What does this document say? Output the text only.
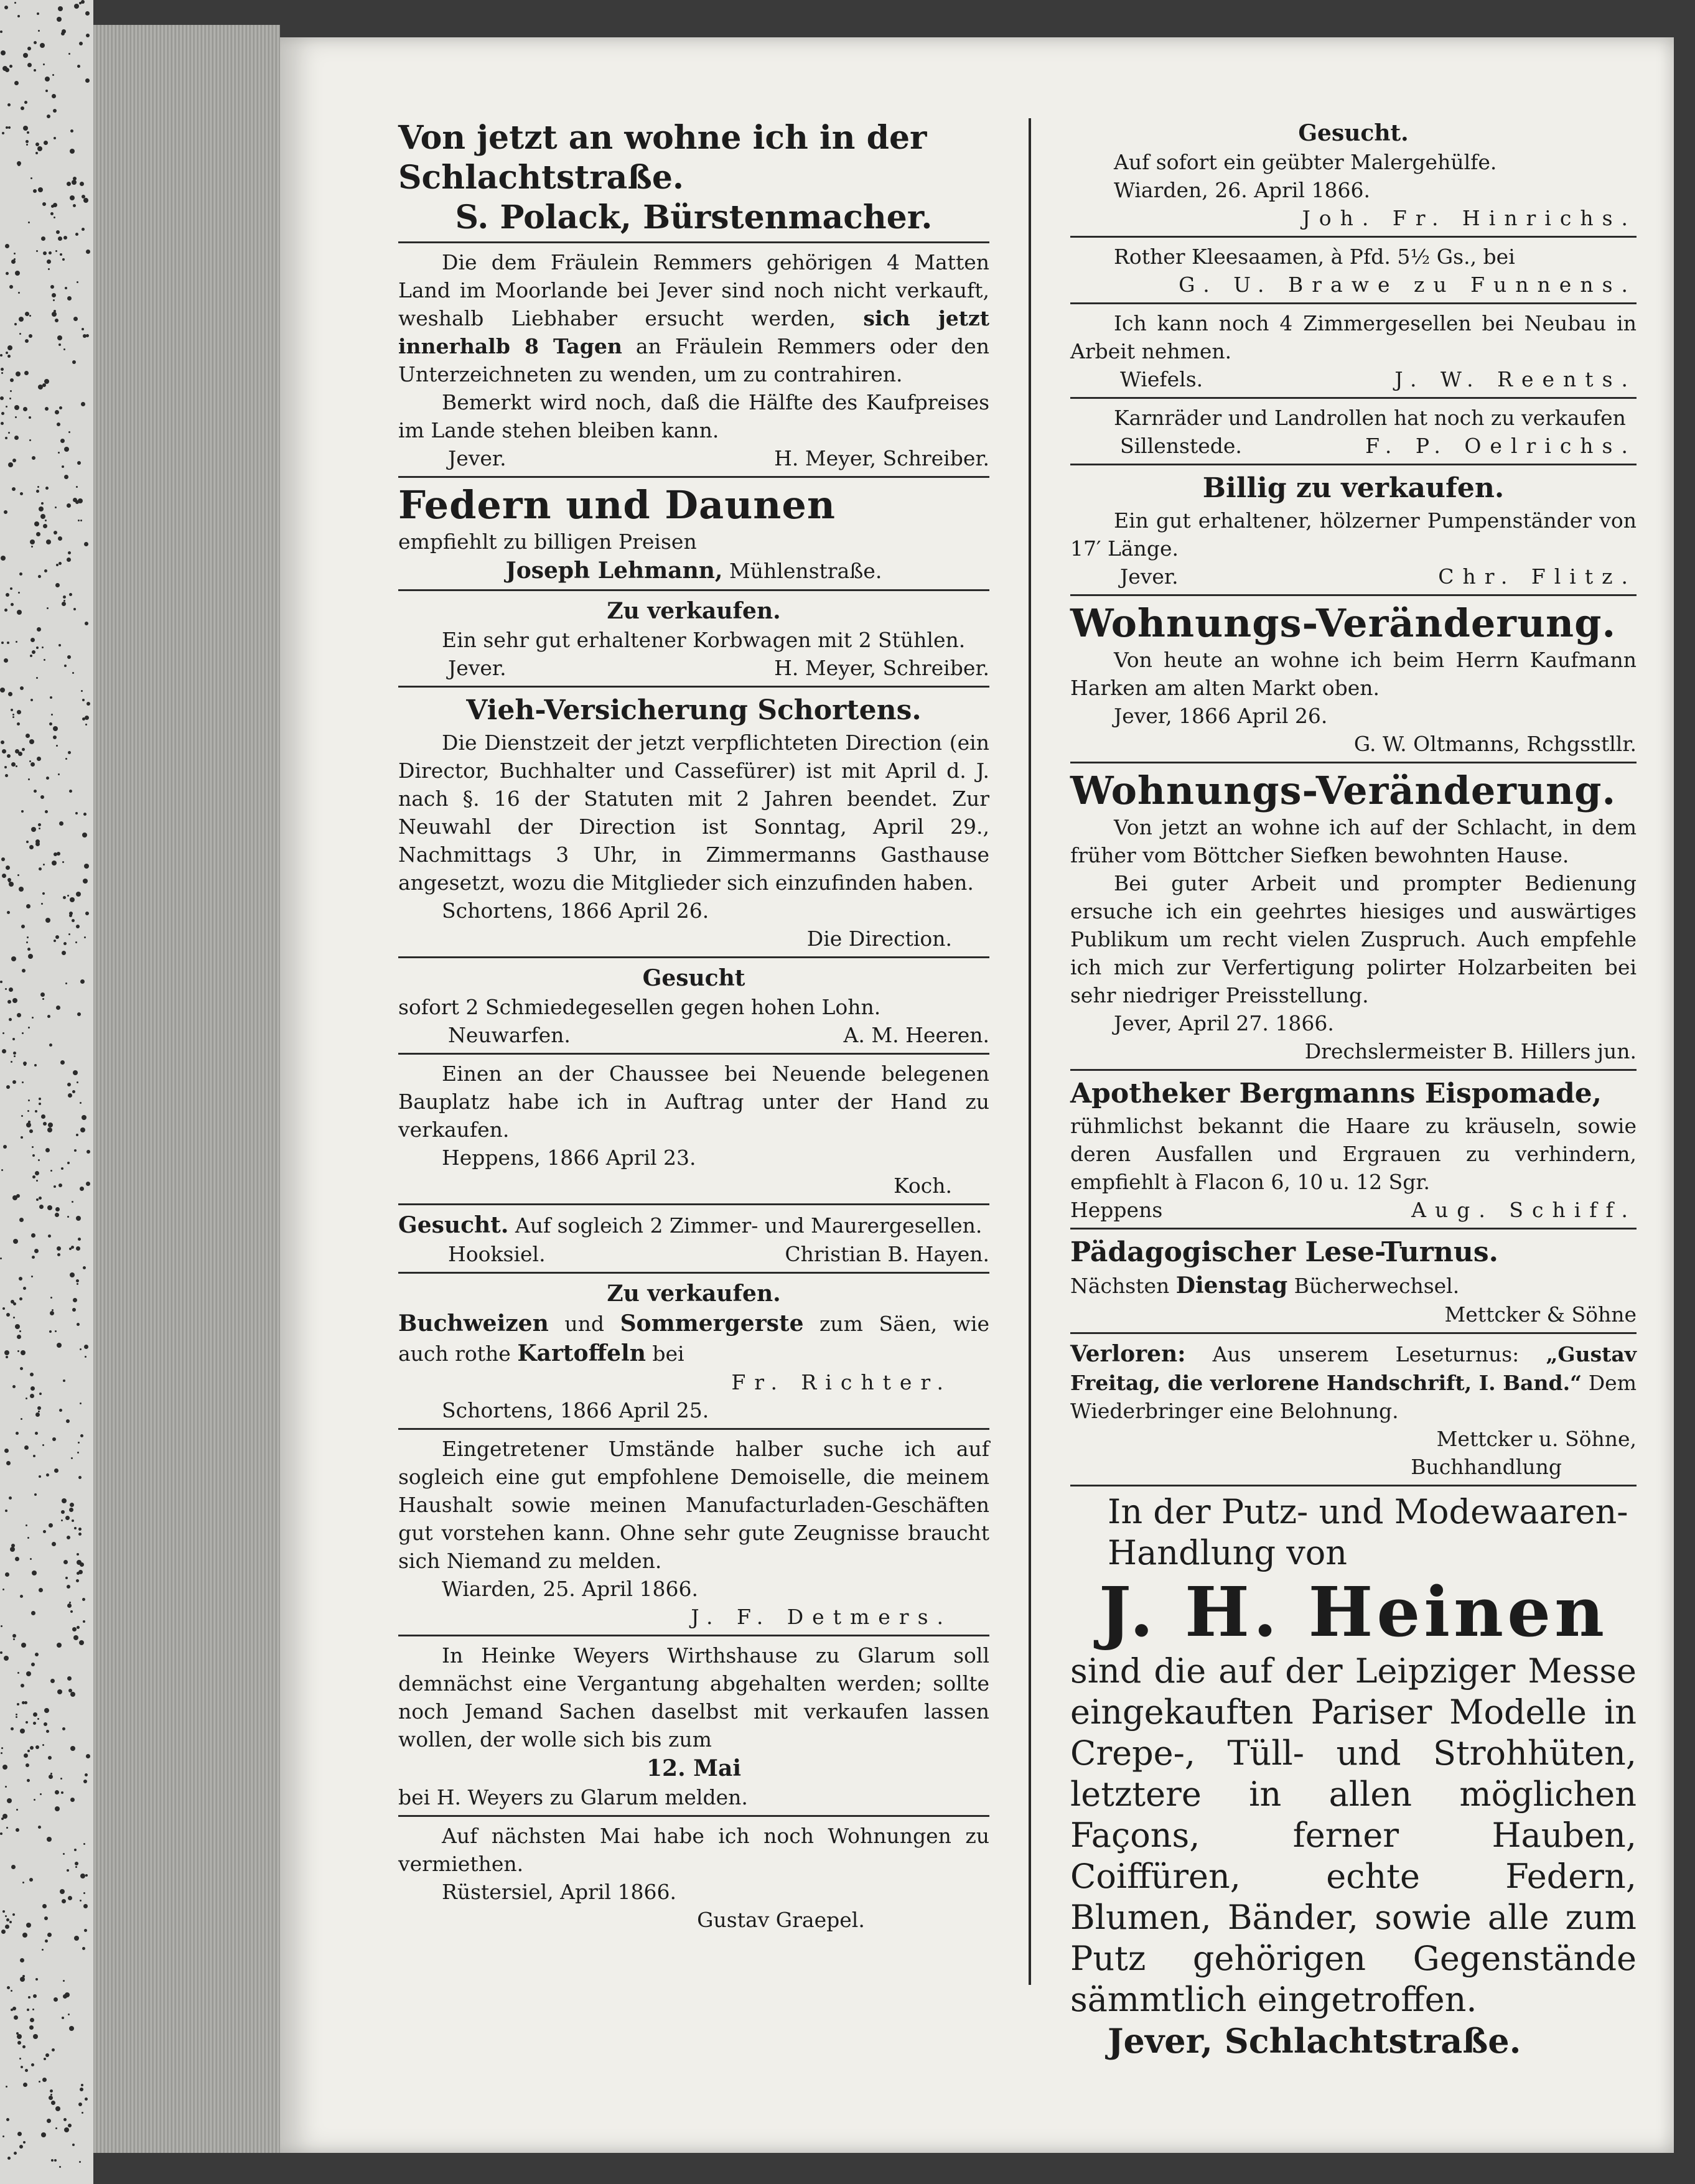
Von jetzt an wohne ich in der

Schlachtstraße.

S. Polack, Bürstenmacher.

Die dem Fräulein Remmers gehörigen 4 Matten Land im Moorlande bei Jever sind noch nicht verkauft, weshalb Liebhaber ersucht werden, sich jetzt innerhalb 8 Tagen an Fräulein Remmers oder den Unterzeichneten zu wenden, um zu contrahiren.

Bemerkt wird noch, daß die Hälfte des Kaufpreises im Lande stehen bleiben kann.

Jever.	H. Meyer, Schreiber.

Federn und Daunen

empfiehlt zu billigen Preisen

Joseph Lehmann, Mühlenstraße.

Zu verkaufen.

Ein sehr gut erhaltener Korbwagen mit 2 Stühlen.

Jever.	H. Meyer, Schreiber.

Vieh-Versicherung Schortens.

Die Dienstzeit der jetzt verpflichteten Direction (ein Director, Buchhalter und Cassefürer) ist mit April d. J. nach §. 16 der Statuten mit 2 Jahren beendet. Zur Neuwahl der Direction ist Sonntag, April 29., Nachmittags 3 Uhr, in Zimmermanns Gasthause angesetzt, wozu die Mitglieder sich einzufinden haben.

Schortens, 1866 April 26.

Die Direction.

Gesucht

sofort 2 Schmiedegesellen gegen hohen Lohn.

Neuwarfen.	A. M. Heeren.

Einen an der Chaussee bei Neuende belegenen Bauplatz habe ich in Auftrag unter der Hand zu verkaufen.

Heppens, 1866 April 23.

Koch.

Gesucht. Auf sogleich 2 Zimmer- und Maurergesellen.

Hooksiel.	Christian B. Hayen.

Zu verkaufen.

Buchweizen und Sommergerste zum Säen, wie auch rothe Kartoffeln bei

Fr. Richter.

Schortens, 1866 April 25.

Eingetretener Umstände halber suche ich auf sogleich eine gut empfohlene Demoiselle, die meinem Haushalt sowie meinen Manufacturladen-Geschäften gut vorstehen kann. Ohne sehr gute Zeugnisse braucht sich Niemand zu melden.

Wiarden, 25. April 1866.

J. F. Detmers.

In Heinke Weyers Wirthshause zu Glarum soll demnächst eine Vergantung abgehalten werden; sollte noch Jemand Sachen daselbst mit verkaufen lassen wollen, der wolle sich bis zum

12. Mai

bei H. Weyers zu Glarum melden.

Auf nächsten Mai habe ich noch Wohnungen zu vermiethen.

Rüstersiel, April 1866.

Gustav Graepel.

Gesucht.

Auf sofort ein geübter Malergehülfe.

Wiarden, 26. April 1866.

Joh. Fr. Hinrichs.

Rother Kleesaamen, à Pfd. 5½ Gs., bei

G. U. Brawe zu Funnens.

Ich kann noch 4 Zimmergesellen bei Neubau in Arbeit nehmen.

Wiefels.	J. W. Reents.

Karnräder und Landrollen hat noch zu verkaufen

Sillenstede.	F. P. Oelrichs.

Billig zu verkaufen.

Ein gut erhaltener, hölzerner Pumpenständer von 17′ Länge.

Jever.	Chr. Flitz.

Wohnungs-Veränderung.

Von heute an wohne ich beim Herrn Kaufmann Harken am alten Markt oben.

Jever, 1866 April 26.

G. W. Oltmanns, Rchgsstllr.

Wohnungs-Veränderung.

Von jetzt an wohne ich auf der Schlacht, in dem früher vom Böttcher Siefken bewohnten Hause.

Bei guter Arbeit und prompter Bedienung ersuche ich ein geehrtes hiesiges und auswärtiges Publikum um recht vielen Zuspruch. Auch empfehle ich mich zur Verfertigung polirter Holzarbeiten bei sehr niedriger Preisstellung.

Jever, April 27. 1866.

Drechslermeister B. Hillers jun.

Apotheker Bergmanns Eispomade,

rühmlichst bekannt die Haare zu kräuseln, sowie deren Ausfallen und Ergrauen zu verhindern, empfiehlt à Flacon 6, 10 u. 12 Sgr.

Heppens	Aug. Schiff.

Pädagogischer Lese-Turnus.

Nächsten Dienstag Bücherwechsel.

Mettcker & Söhne

Verloren: Aus unserem Leseturnus: „Gustav Freitag, die verlorene Handschrift, I. Band.“ Dem Wiederbringer eine Belohnung.

Mettcker u. Söhne,

Buchhandlung

In der Putz- und Modewaaren-Handlung von

J. H. Heinen

sind die auf der Leipziger Messe eingekauften Pariser Modelle in Crepe-, Tüll- und Strohhüten, letztere in allen möglichen Façons, ferner Hauben, Coiffüren, echte Federn, Blumen, Bänder, sowie alle zum Putz gehörigen Gegenstände sämmtlich eingetroffen.

Jever, Schlachtstraße.
